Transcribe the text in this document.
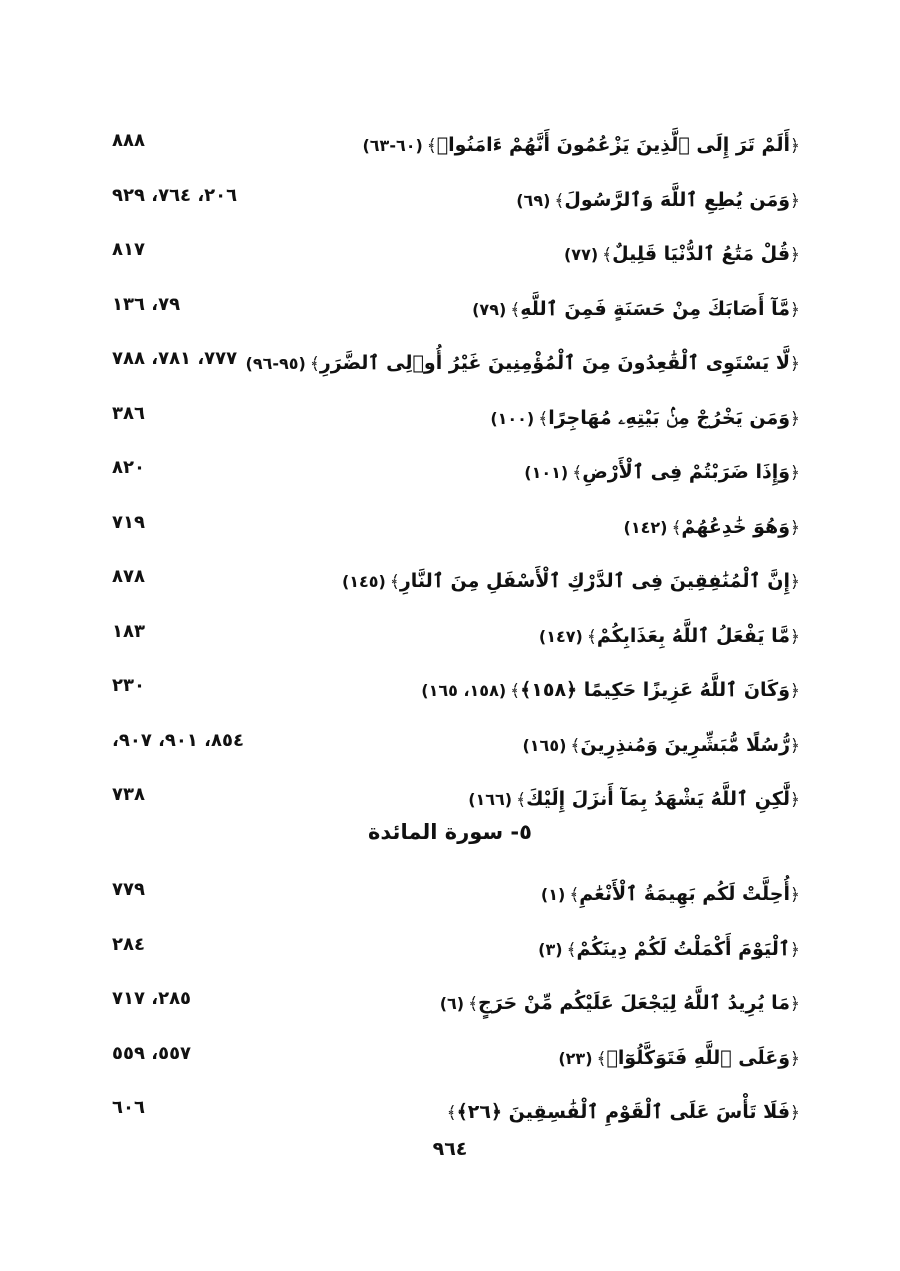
﴿أَلَمْ تَرَ إِلَى ٱلَّذِينَ يَزْعُمُونَ أَنَّهُمْ ءَامَنُوا۟﴾(٦٠-٦٣)
٨٨٨
﴿وَمَن يُطِعِ ٱللَّهَ وَٱلرَّسُولَ﴾(٦٩)
٢٠٦، ٧٦٤، ٩٢٩
﴿قُلْ مَتَٰعُ ٱلدُّنْيَا قَلِيلٌ﴾(٧٧)
٨١٧
﴿مَّآ أَصَابَكَ مِنْ حَسَنَةٍ فَمِنَ ٱللَّهِ﴾(٧٩)
٧٩، ١٣٦
﴿لَّا يَسْتَوِى ٱلْقَٰعِدُونَ مِنَ ٱلْمُؤْمِنِينَ غَيْرُ أُو۟لِى ٱلضَّرَرِ﴾(٩٥-٩٦)
٧٧٧، ٧٨١، ٧٨٨
﴿وَمَن يَخْرُجْ مِنۢ بَيْتِهِۦ مُهَاجِرًا﴾(١٠٠)
٣٨٦
﴿وَإِذَا ضَرَبْتُمْ فِى ٱلْأَرْضِ﴾(١٠١)
٨٢٠
﴿وَهُوَ خَٰدِعُهُمْ﴾(١٤٢)
٧١٩
﴿إِنَّ ٱلْمُنَٰفِقِينَ فِى ٱلدَّرْكِ ٱلْأَسْفَلِ مِنَ ٱلنَّارِ﴾(١٤٥)
٨٧٨
﴿مَّا يَفْعَلُ ٱللَّهُ بِعَذَابِكُمْ﴾(١٤٧)
١٨٣
﴿وَكَانَ ٱللَّهُ عَزِيزًا حَكِيمًا ﴿١٥٨﴾﴾(١٥٨، ١٦٥)
٢٣٠
﴿رُّسُلًا مُّبَشِّرِينَ وَمُنذِرِينَ﴾(١٦٥)
٨٥٤، ٩٠١، ٩٠٧،
﴿لَّٰكِنِ ٱللَّهُ يَشْهَدُ بِمَآ أَنزَلَ إِلَيْكَ﴾(١٦٦)
٧٣٨
٥- سورة المائدة
﴿أُحِلَّتْ لَكُم بَهِيمَةُ ٱلْأَنْعَٰمِ﴾(١)
٧٧٩
﴿ٱلْيَوْمَ أَكْمَلْتُ لَكُمْ دِينَكُمْ﴾(٣)
٢٨٤
﴿مَا يُرِيدُ ٱللَّهُ لِيَجْعَلَ عَلَيْكُم مِّنْ حَرَجٍ﴾(٦)
٢٨٥، ٧١٧
﴿وَعَلَى ٱللَّهِ فَتَوَكَّلُوٓا۟﴾(٢٣)
٥٥٧، ٥٥٩
﴿فَلَا تَأْسَ عَلَى ٱلْقَوْمِ ٱلْفَٰسِقِينَ ﴿٢٦﴾﴾
٦٠٦
٩٦٤
